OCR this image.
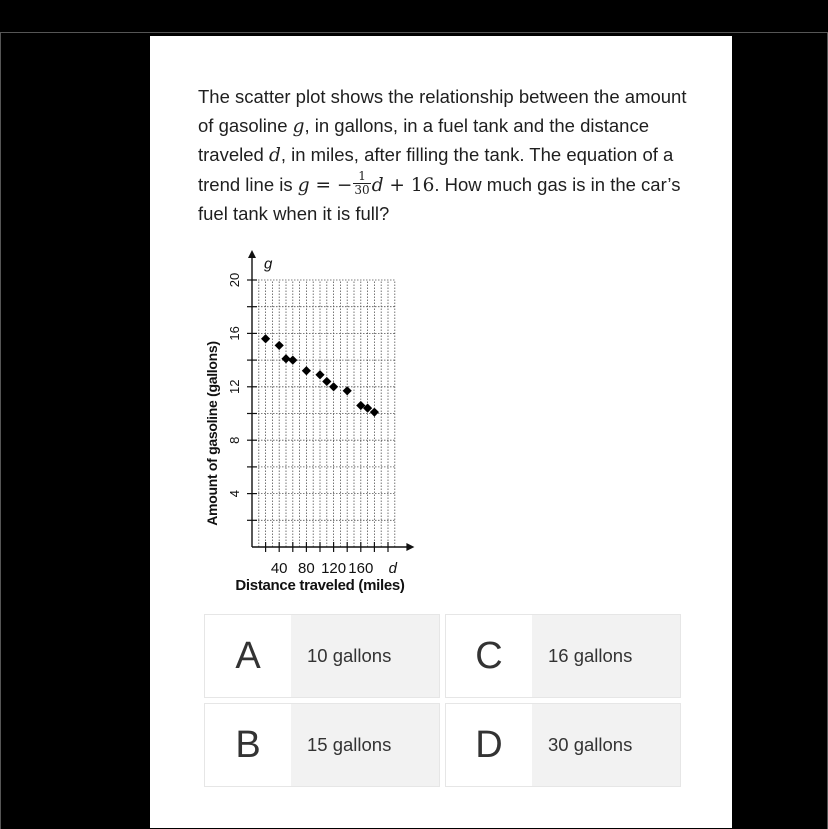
The scatter plot shows the relationship between the amount of gasoline g, in gallons, in a fuel tank and the distance traveled d, in miles, after filling the tank. The equation of a trend line is g = − $\frac{1}{30}$ d + 16. How much gas is in the car’s fuel tank when it is full?
40 80 120 160
4
8
12
16
20
g
d
Distance traveled (miles)
Amount of gasoline (gallons)
A	10 gallons	C	16 gallons
B	15 gallons	D	30 gallons
